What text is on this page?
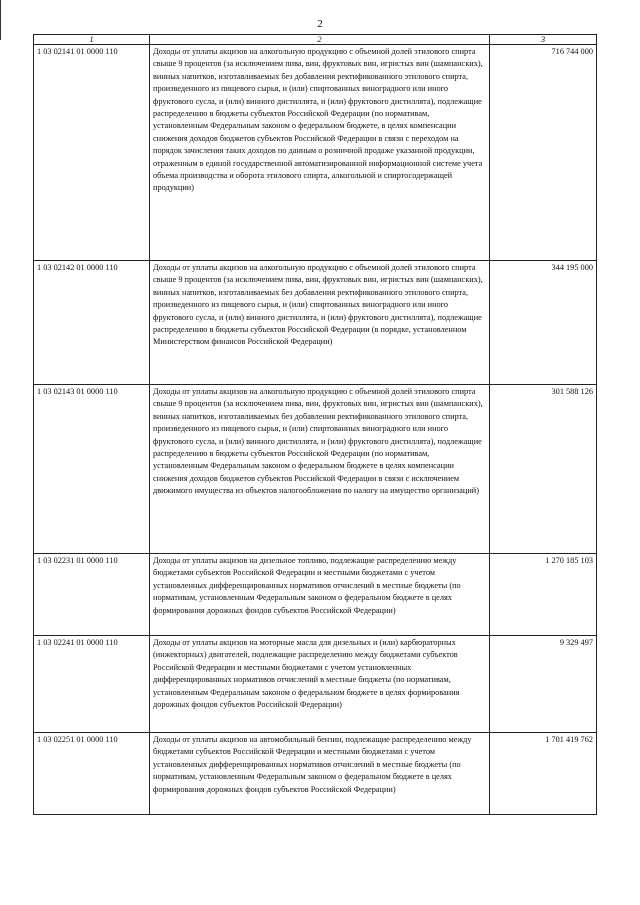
2
1	2	3
1 03 02141 01 0000 110	Доходы от уплаты акцизов на алкогольную продукцию с объемной долей этилового спирта свыше 9 процентов (за исключением пива, вин, фруктовых вин, игристых вин (шампанских), винных напитков, изготавливаемых без добавления ректификованного этилового спирта, произведенного из пищевого сырья, и (или) спиртованных виноградного или иного фруктового сусла, и (или) винного дистиллята, и (или) фруктового дистиллята), подлежащие распределению в бюджеты субъектов Российской Федерации (по нормативам, установленным Федеральным законом о федеральном бюджете, в целях компенсации снижения доходов бюджетов субъектов Российской Федерации в связи с переходом на порядок зачисления таких доходов по данным о розничной продаже указанной продукции, отраженным в единой государственной автоматизированной информационной системе учета объема производства и оборота этилового спирта, алкогольной и спиртосодержащей продукции)	716 744 000
1 03 02142 01 0000 110	Доходы от уплаты акцизов на алкогольную продукцию с объемной долей этилового спирта свыше 9 процентов (за исключением пива, вин, фруктовых вин, игристых вин (шампанских), винных напитков, изготавливаемых без добавления ректификованного этилового спирта, произведенного из пищевого сырья, и (или) спиртованных виноградного или иного фруктового сусла, и (или) винного дистиллята, и (или) фруктового дистиллята), подлежащие распределению в бюджеты субъектов Российской Федерации (в порядке, установленном Министерством финансов Российской Федерации)	344 195 000
1 03 02143 01 0000 110	Доходы от уплаты акцизов на алкогольную продукцию с объемной долей этилового спирта свыше 9 процентов (за исключением пива, вин, фруктовых вин, игристых вин (шампанских), винных напитков, изготавливаемых без добавления ректификованного этилового спирта, произведенного из пищевого сырья, и (или) спиртованных виноградного или иного фруктового сусла, и (или) винного дистиллята, и (или) фруктового дистиллята), подлежащие распределению в бюджеты субъектов Российской Федерации (по нормативам, установленным Федеральным законом о федеральном бюджете в целях компенсации снижения доходов бюджетов субъектов Российской Федерации в связи с исключением движимого имущества из объектов налогообложения по налогу на имущество организаций)	301 588 126
1 03 02231 01 0000 110	Доходы от уплаты акцизов на дизельное топливо, подлежащие распределению между бюджетами субъектов Российской Федерации и местными бюджетами с учетом установленных дифференцированных нормативов отчислений в местные бюджеты (по нормативам, установленным Федеральным законом о федеральном бюджете в целях формирования дорожных фондов субъектов Российской Федерации)	1 270 185 103
1 03 02241 01 0000 110	Доходы от уплаты акцизов на моторные масла для дизельных и (или) карбюраторных (инжекторных) двигателей, подлежащие распределению между бюджетами субъектов Российской Федерации и местными бюджетами с учетом установленных дифференцированных нормативов отчислений в местные бюджеты (по нормативам, установленным Федеральным законом о федеральном бюджете в целях формирования дорожных фондов субъектов Российской Федерации)	9 329 497
1 03 02251 01 0000 110	Доходы от уплаты акцизов на автомобильный бензин, подлежащие распределению между бюджетами субъектов Российской Федерации и местными бюджетами с учетом установленных дифференцированных нормативов отчислений в местные бюджеты (по нормативам, установленным Федеральным законом о федеральном бюджете в целях формирования дорожных фондов субъектов Российской Федерации)	1 701 419 762
